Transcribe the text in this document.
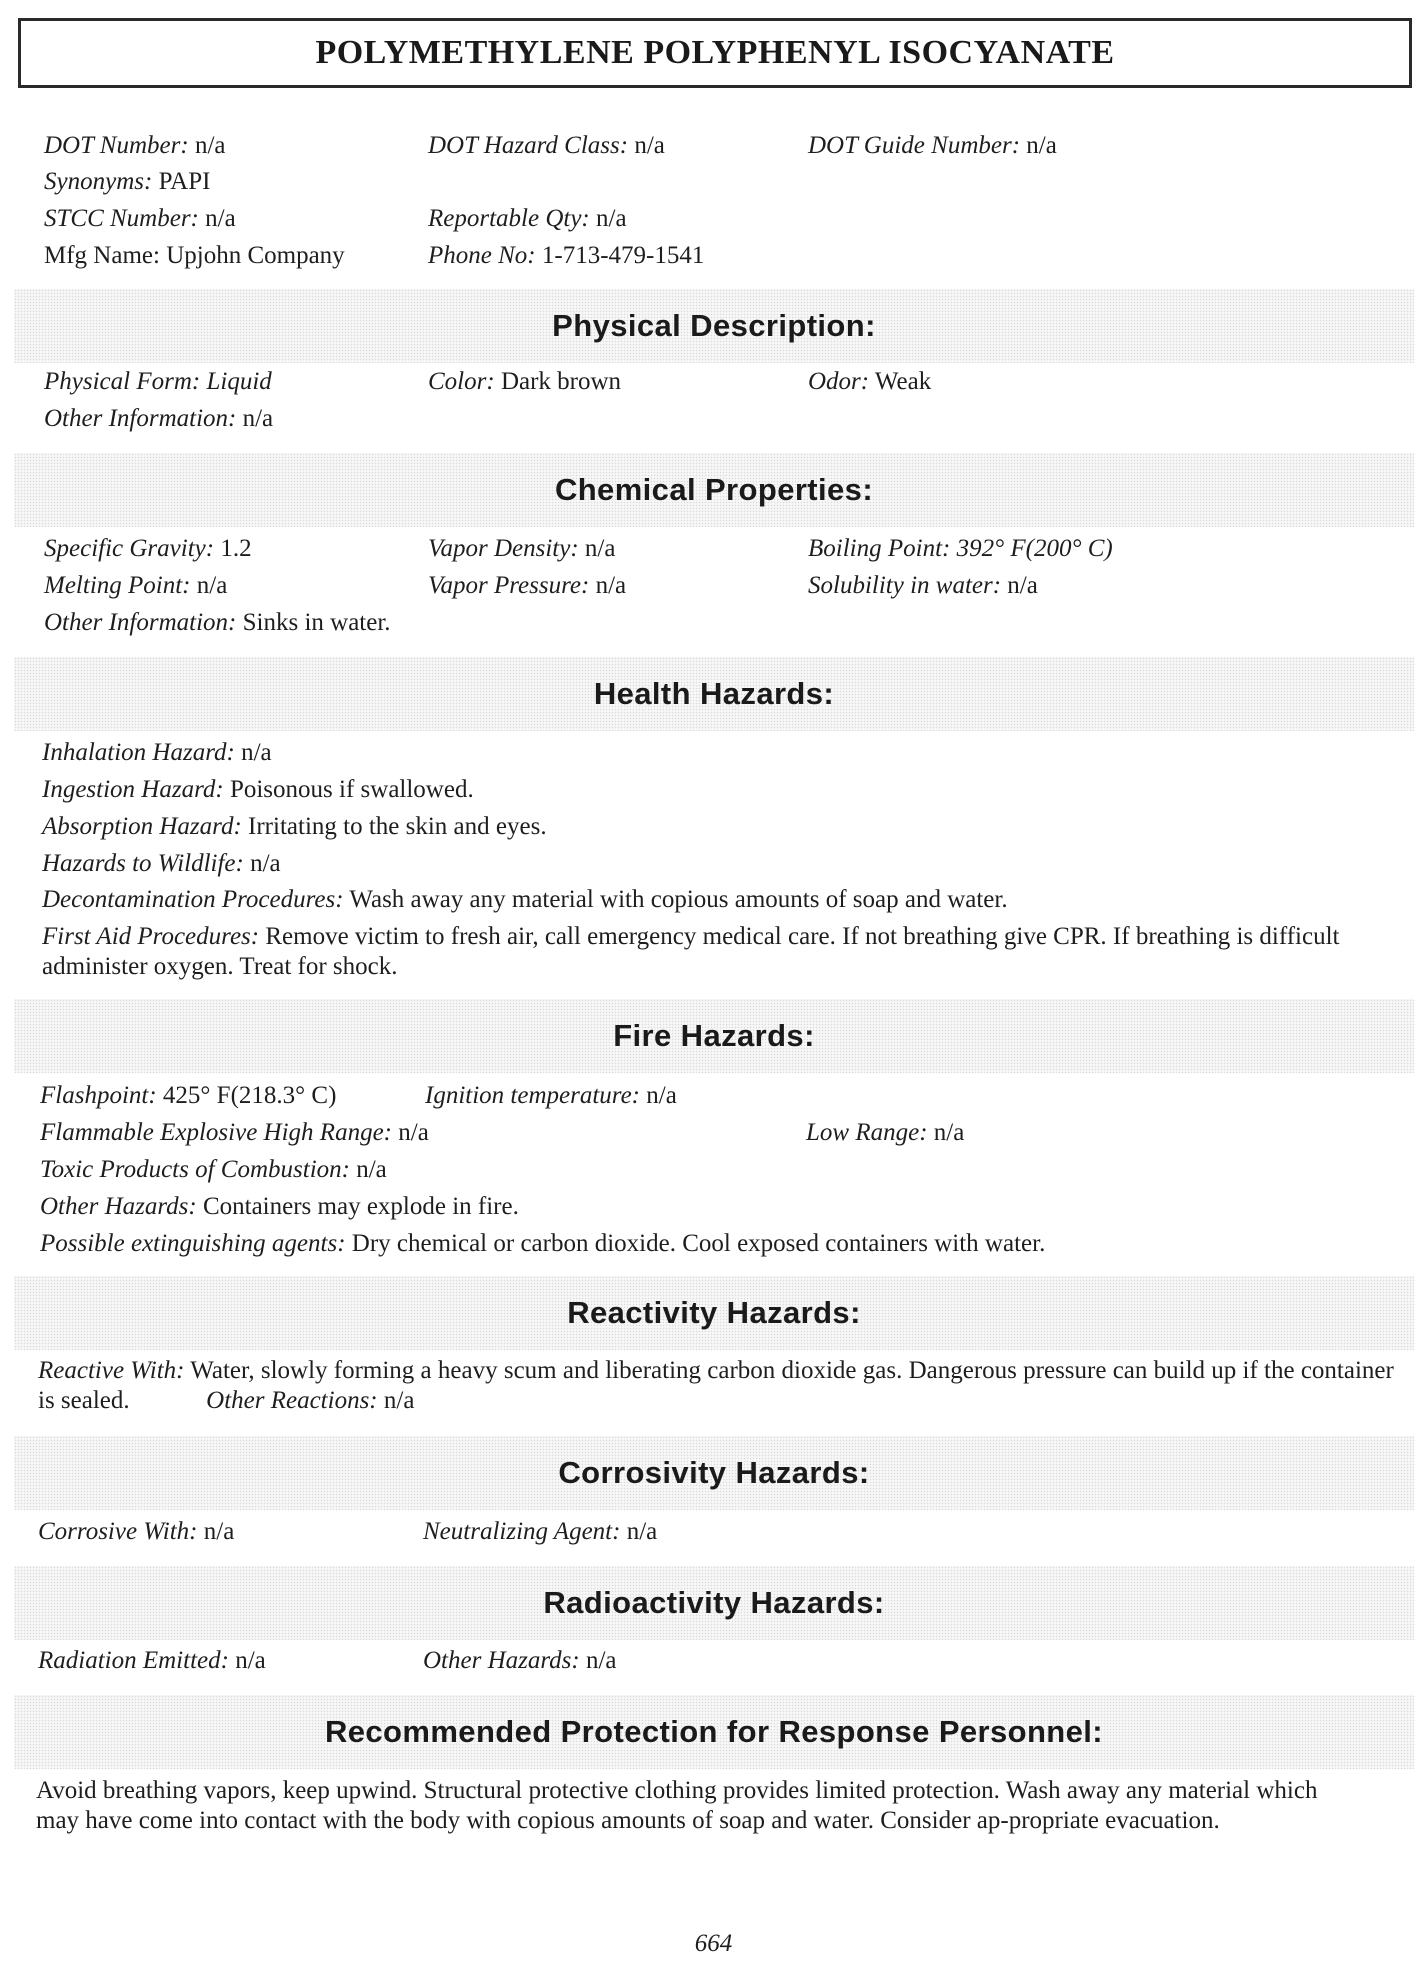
POLYMETHYLENE POLYPHENYL ISOCYANATE
DOT Number: n/a	DOT Hazard Class: n/a	DOT Guide Number: n/a
Synonyms: PAPI
STCC Number: n/a	Reportable Qty: n/a
Mfg Name: Upjohn Company	Phone No: 1-713-479-1541
Physical Description:
Physical Form: Liquid	Color: Dark brown	Odor: Weak
Other Information: n/a
Chemical Properties:
Specific Gravity: 1.2	Vapor Density: n/a	Boiling Point: 392° F(200° C)
Melting Point: n/a	Vapor Pressure: n/a	Solubility in water: n/a
Other Information: Sinks in water.
Health Hazards:
Inhalation Hazard: n/a
Ingestion Hazard: Poisonous if swallowed.
Absorption Hazard: Irritating to the skin and eyes.
Hazards to Wildlife: n/a
Decontamination Procedures: Wash away any material with copious amounts of soap and water.
First Aid Procedures: Remove victim to fresh air, call emergency medical care. If not breathing give CPR. If breathing is difficult administer oxygen. Treat for shock.
Fire Hazards:
Flashpoint: 425° F(218.3° C)	Ignition temperature: n/a
Flammable Explosive High Range: n/a	Low Range: n/a
Toxic Products of Combustion: n/a
Other Hazards: Containers may explode in fire.
Possible extinguishing agents: Dry chemical or carbon dioxide. Cool exposed containers with water.
Reactivity Hazards:
Reactive With: Water, slowly forming a heavy scum and liberating carbon dioxide gas. Dangerous pressure can build up if the container is sealed.	Other Reactions: n/a
Corrosivity Hazards:
Corrosive With: n/a	Neutralizing Agent: n/a
Radioactivity Hazards:
Radiation Emitted: n/a	Other Hazards: n/a
Recommended Protection for Response Personnel:
Avoid breathing vapors, keep upwind. Structural protective clothing provides limited protection. Wash away any material which may have come into contact with the body with copious amounts of soap and water. Consider ap-propriate evacuation.
664
